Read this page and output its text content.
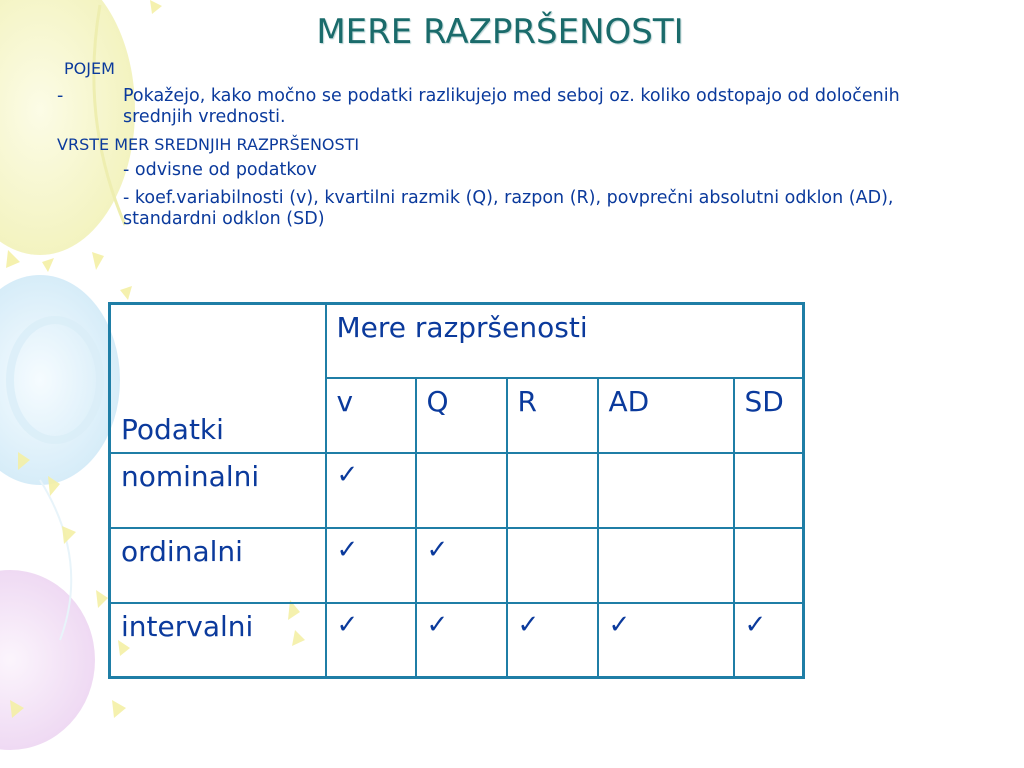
MERE RAZPRŠENOSTI

POJEM

-	Pokažejo, kako močno se podatki razlikujejo med seboj oz. koliko odstopajo od določenih srednjih vrednosti.

VRSTE MER SREDNJIH RAZPRŠENOSTI

- odvisne od podatkov

- koef.variabilnosti (v), kvartilni razmik (Q), razpon (R), povprečni absolutni odklon (AD), standardni odklon (SD)

Podatki	Mere razpršenosti				
	v	Q	R	AD	SD
nominalni	✓				
ordinalni	✓	✓			
intervalni	✓	✓	✓	✓	✓
